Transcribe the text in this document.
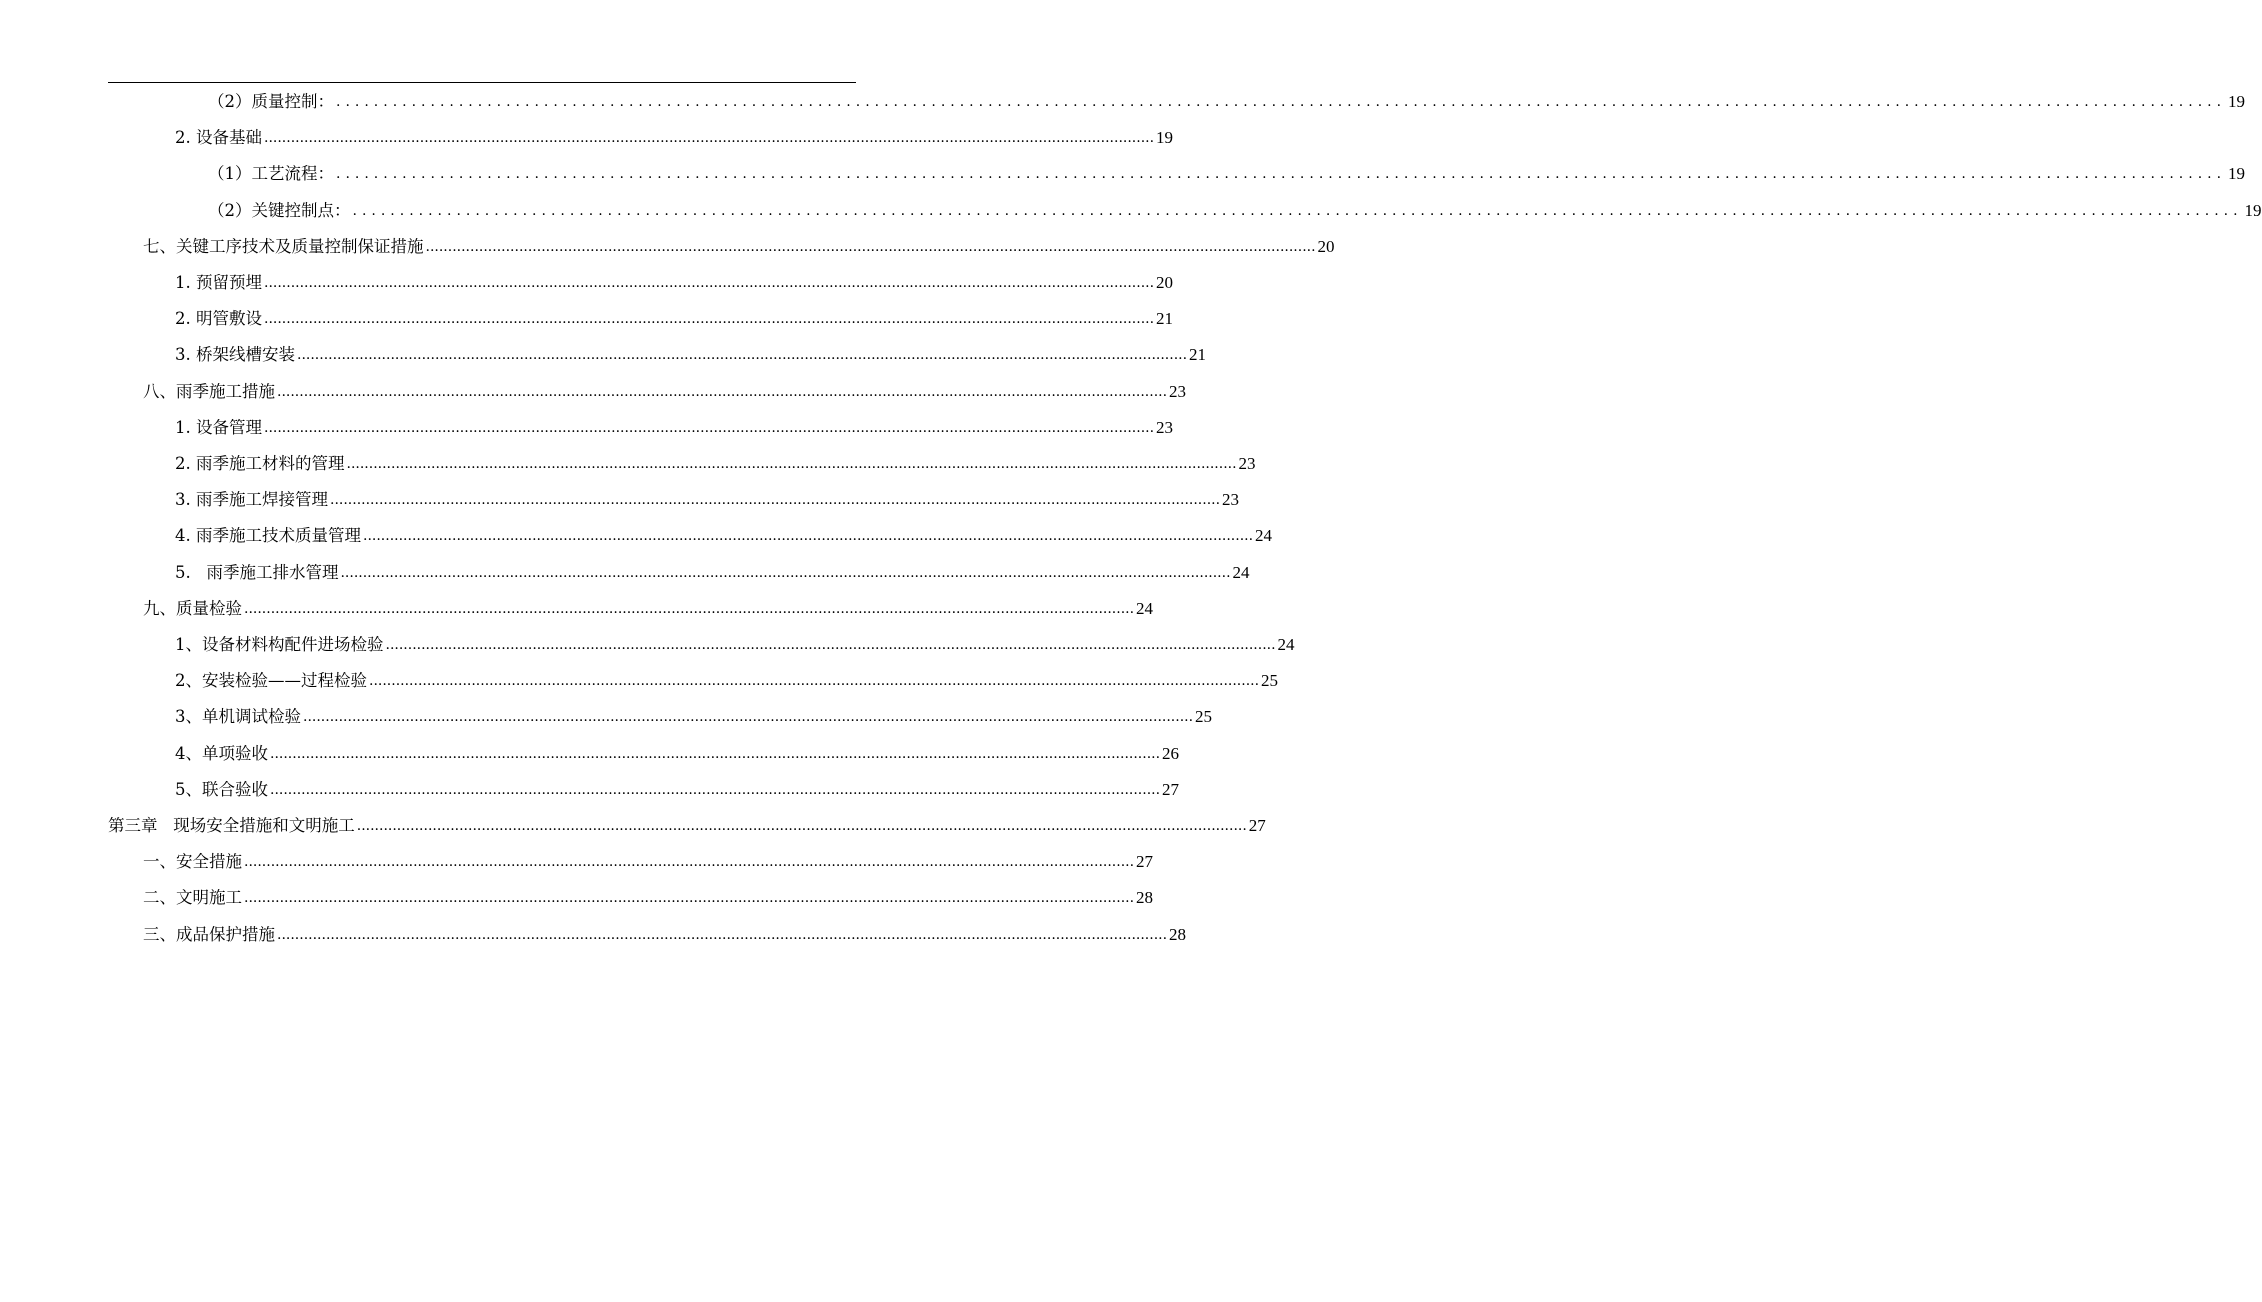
（2）质量控制： ........................................................................................................................................................................................................ 19
2. 设备基础 ........................................................................................................................................................................................................ 19
（1）工艺流程： ........................................................................................................................................................................................................ 19
（2）关键控制点： ........................................................................................................................................................................................................ 19
七、关键工序技术及质量控制保证措施 ........................................................................................................................................................................................................ 20
1. 预留预埋 ........................................................................................................................................................................................................ 20
2. 明管敷设 ........................................................................................................................................................................................................ 21
3. 桥架线槽安装 ........................................................................................................................................................................................................ 21
八、雨季施工措施 ........................................................................................................................................................................................................ 23
1. 设备管理 ........................................................................................................................................................................................................ 23
2. 雨季施工材料的管理 ........................................................................................................................................................................................................ 23
3. 雨季施工焊接管理 ........................................................................................................................................................................................................ 23
4. 雨季施工技术质量管理 ........................................................................................................................................................................................................ 24
5.   雨季施工排水管理 ........................................................................................................................................................................................................ 24
九、质量检验 ........................................................................................................................................................................................................ 24
1、设备材料构配件进场检验 ........................................................................................................................................................................................................ 24
2、安装检验——过程检验 ........................................................................................................................................................................................................ 25
3、单机调试检验 ........................................................................................................................................................................................................ 25
4、单项验收 ........................................................................................................................................................................................................ 26
5、联合验收 ........................................................................................................................................................................................................ 27
第三章   现场安全措施和文明施工 ........................................................................................................................................................................................................ 27
一、安全措施 ........................................................................................................................................................................................................ 27
二、文明施工 ........................................................................................................................................................................................................ 28
三、成品保护措施 ........................................................................................................................................................................................................ 28
